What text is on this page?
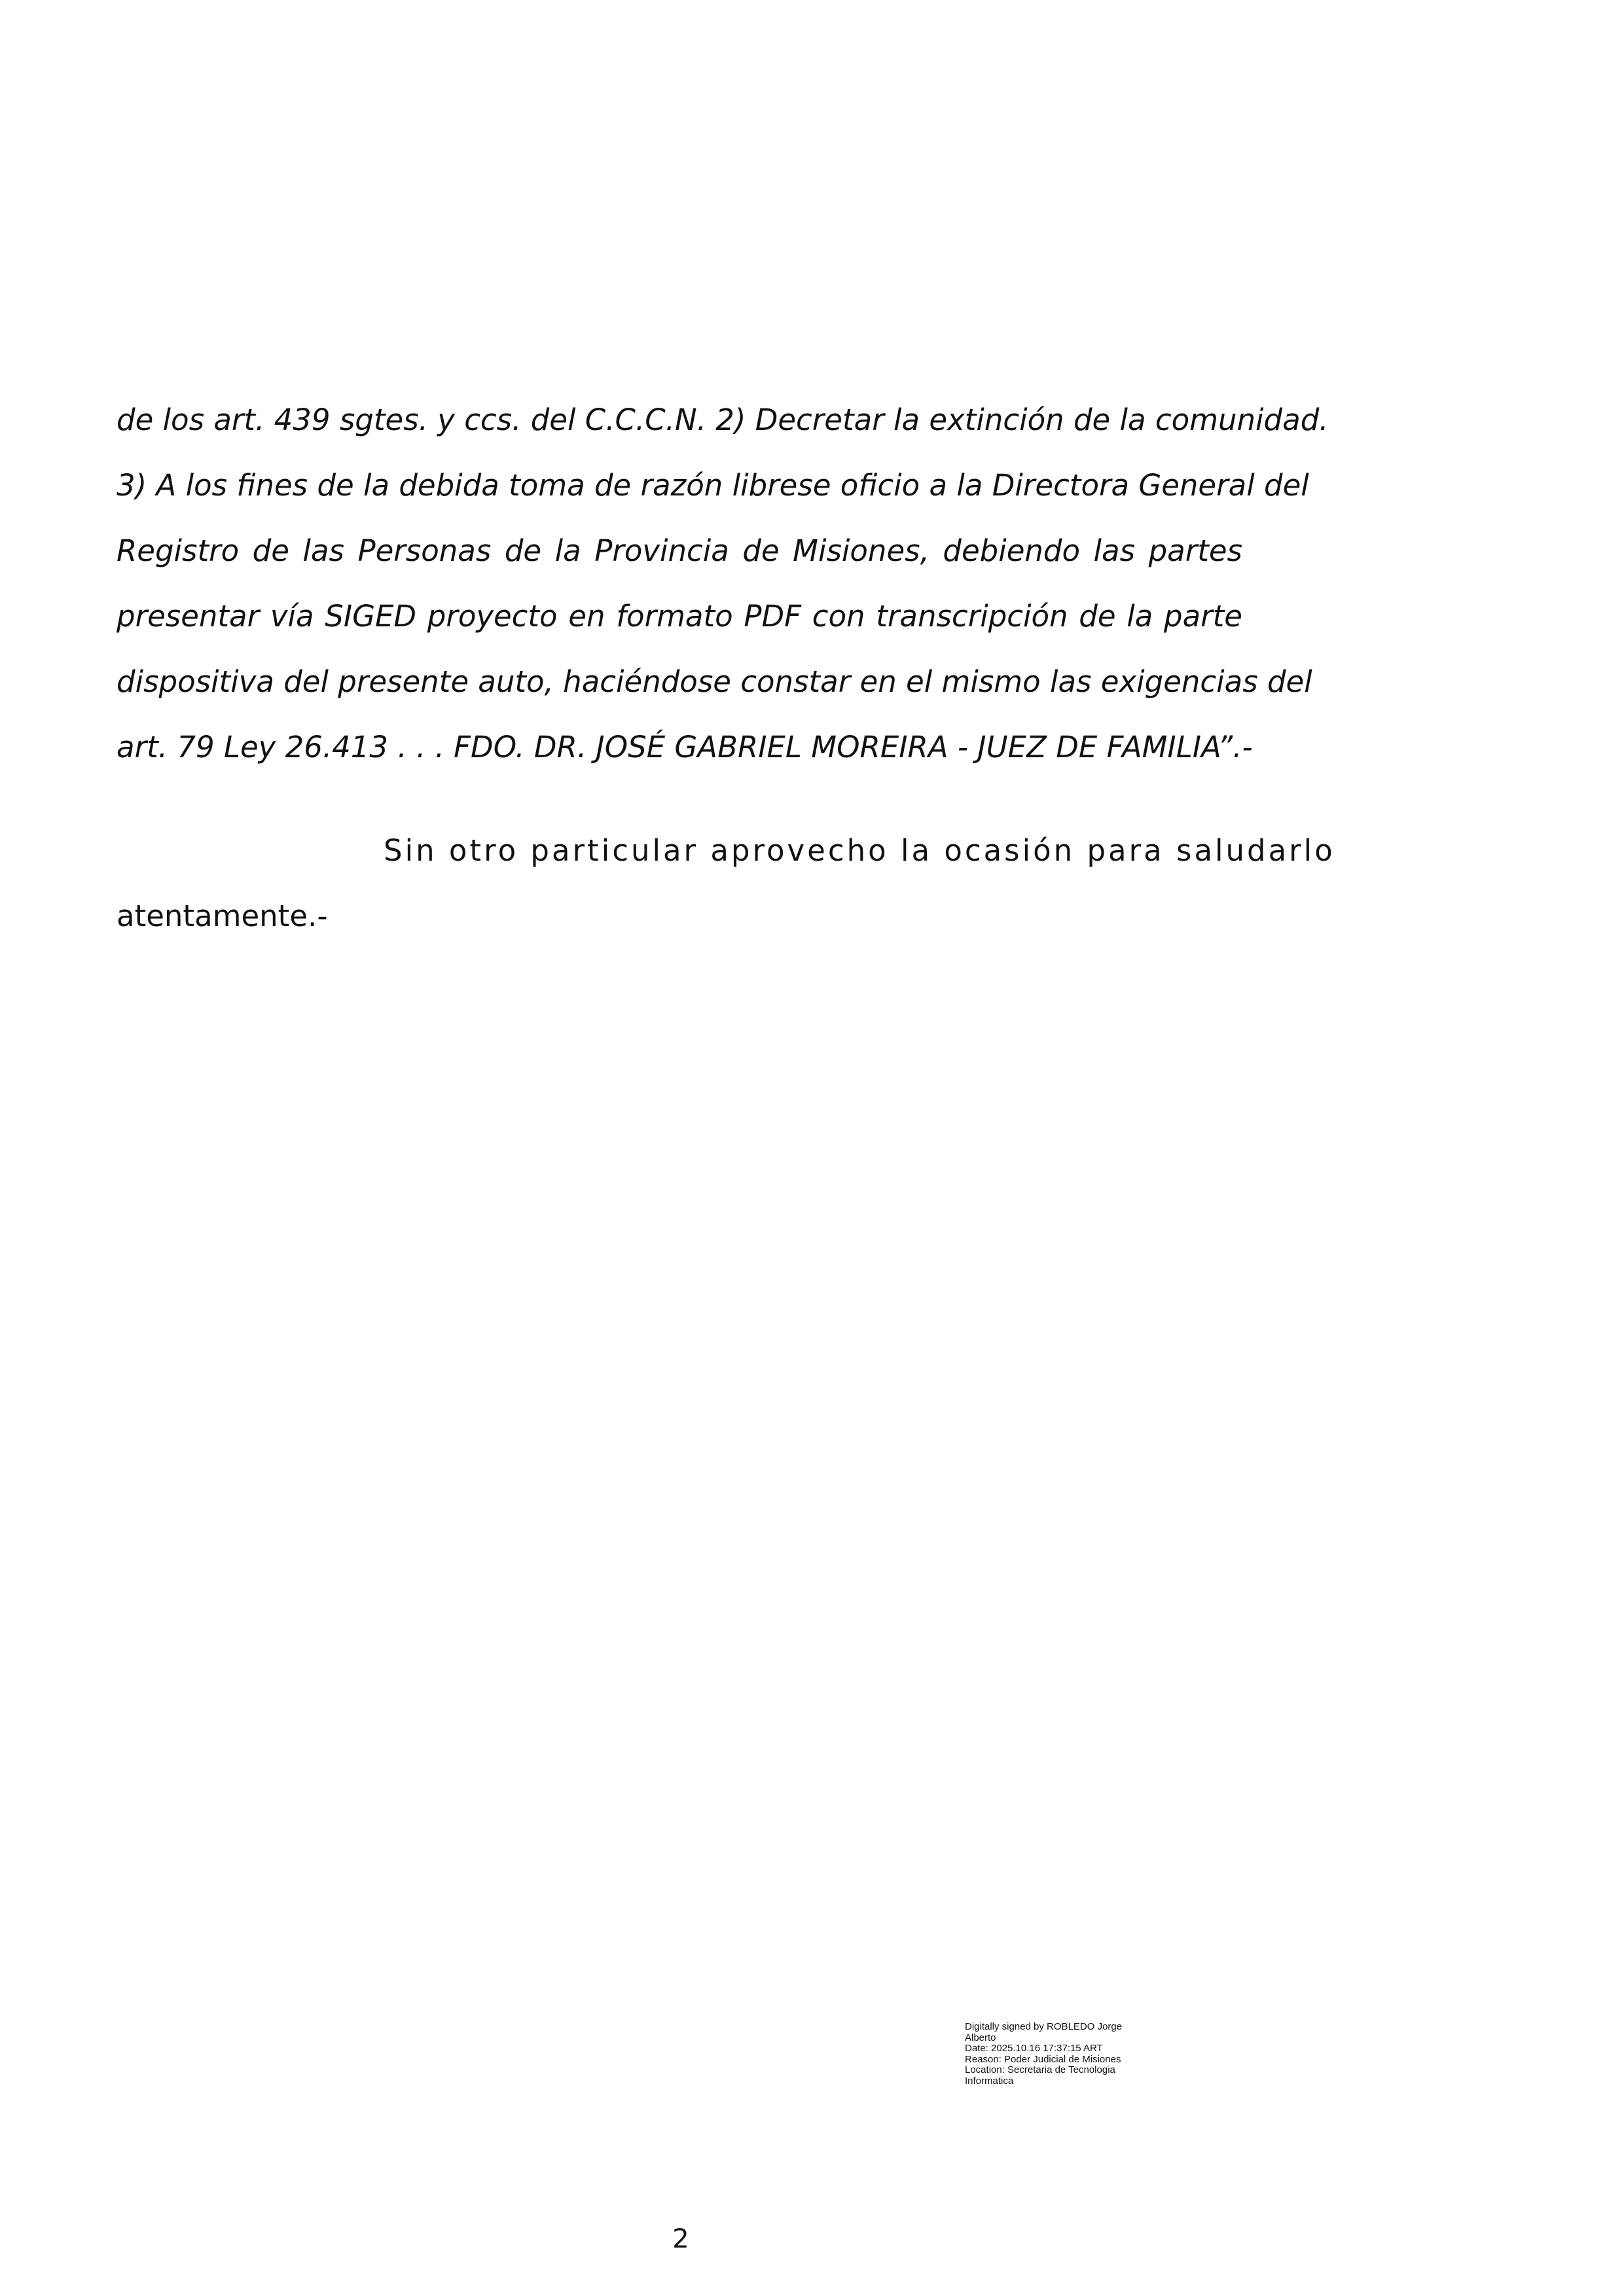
de los art. 439 sgtes. y ccs. del C.C.C.N. 2) Decretar la extinción de la comunidad.
3) A los fines de la debida toma de razón librese oficio a la Directora General del
Registro de las Personas de la Provincia de Misiones, debiendo las partes
presentar vía SIGED proyecto en formato PDF con transcripción de la parte
dispositiva del presente auto, haciéndose constar en el mismo las exigencias del
art. 79 Ley 26.413 . . . FDO. DR. JOSÉ GABRIEL MOREIRA - JUEZ DE FAMILIA”.-
Sin otro particular aprovecho la ocasión para saludarlo
atentamente.-
Digitally signed by ROBLEDO Jorge
Alberto
Date: 2025.10.16 17:37:15 ART
Reason: Poder Judicial de Misiones
Location: Secretaria de Tecnologia
Informatica
2
